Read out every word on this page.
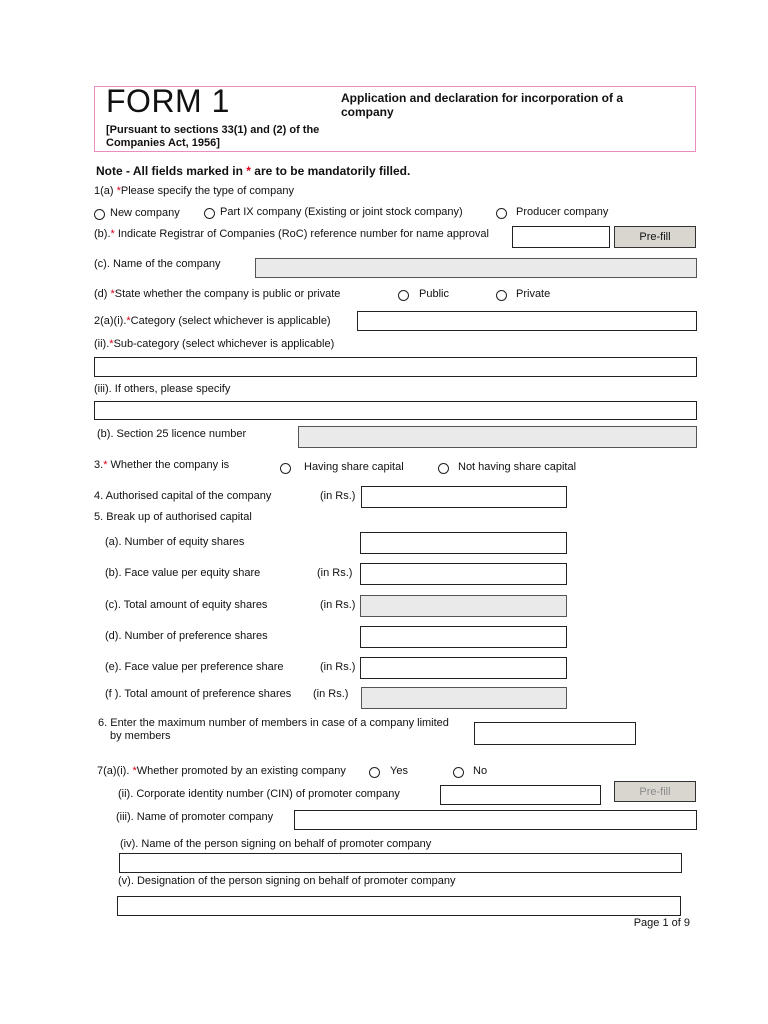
FORM 1
[Pursuant to sections 33(1) and (2) of the Companies Act, 1956]
Application and declaration for incorporation of a company
Note - All fields marked in * are to be mandatorily filled.
1(a) *Please specify the type of company
New company	Part IX company (Existing or joint stock company)	Producer company
(b).* Indicate Registrar of Companies (RoC) reference number for name approval	Pre-fill
(c). Name of the company
(d) *State whether the company is public or private	Public	Private
2(a)(i).*Category (select whichever is applicable)
(ii).*Sub-category (select whichever is applicable)
(iii). If others, please specify
(b). Section 25 licence number
3.* Whether the company is	Having share capital	Not having share capital
4. Authorised capital of the company	(in Rs.)
5. Break up of authorised capital
(a). Number of equity shares
(b). Face value per equity share	(in Rs.)
(c). Total amount of equity shares	(in Rs.)
(d). Number of preference shares
(e). Face value per preference share	(in Rs.)
(f ). Total amount of preference shares (in Rs.)
6. Enter the maximum number of members in case of a company limited
by members
7(a)(i). *Whether promoted by an existing company	Yes	No
(ii). Corporate identity number (CIN) of promoter company	Pre-fill
(iii). Name of promoter company
(iv). Name of the person signing on behalf of promoter company
(v). Designation of the person signing on behalf of promoter company
Page 1 of 9
